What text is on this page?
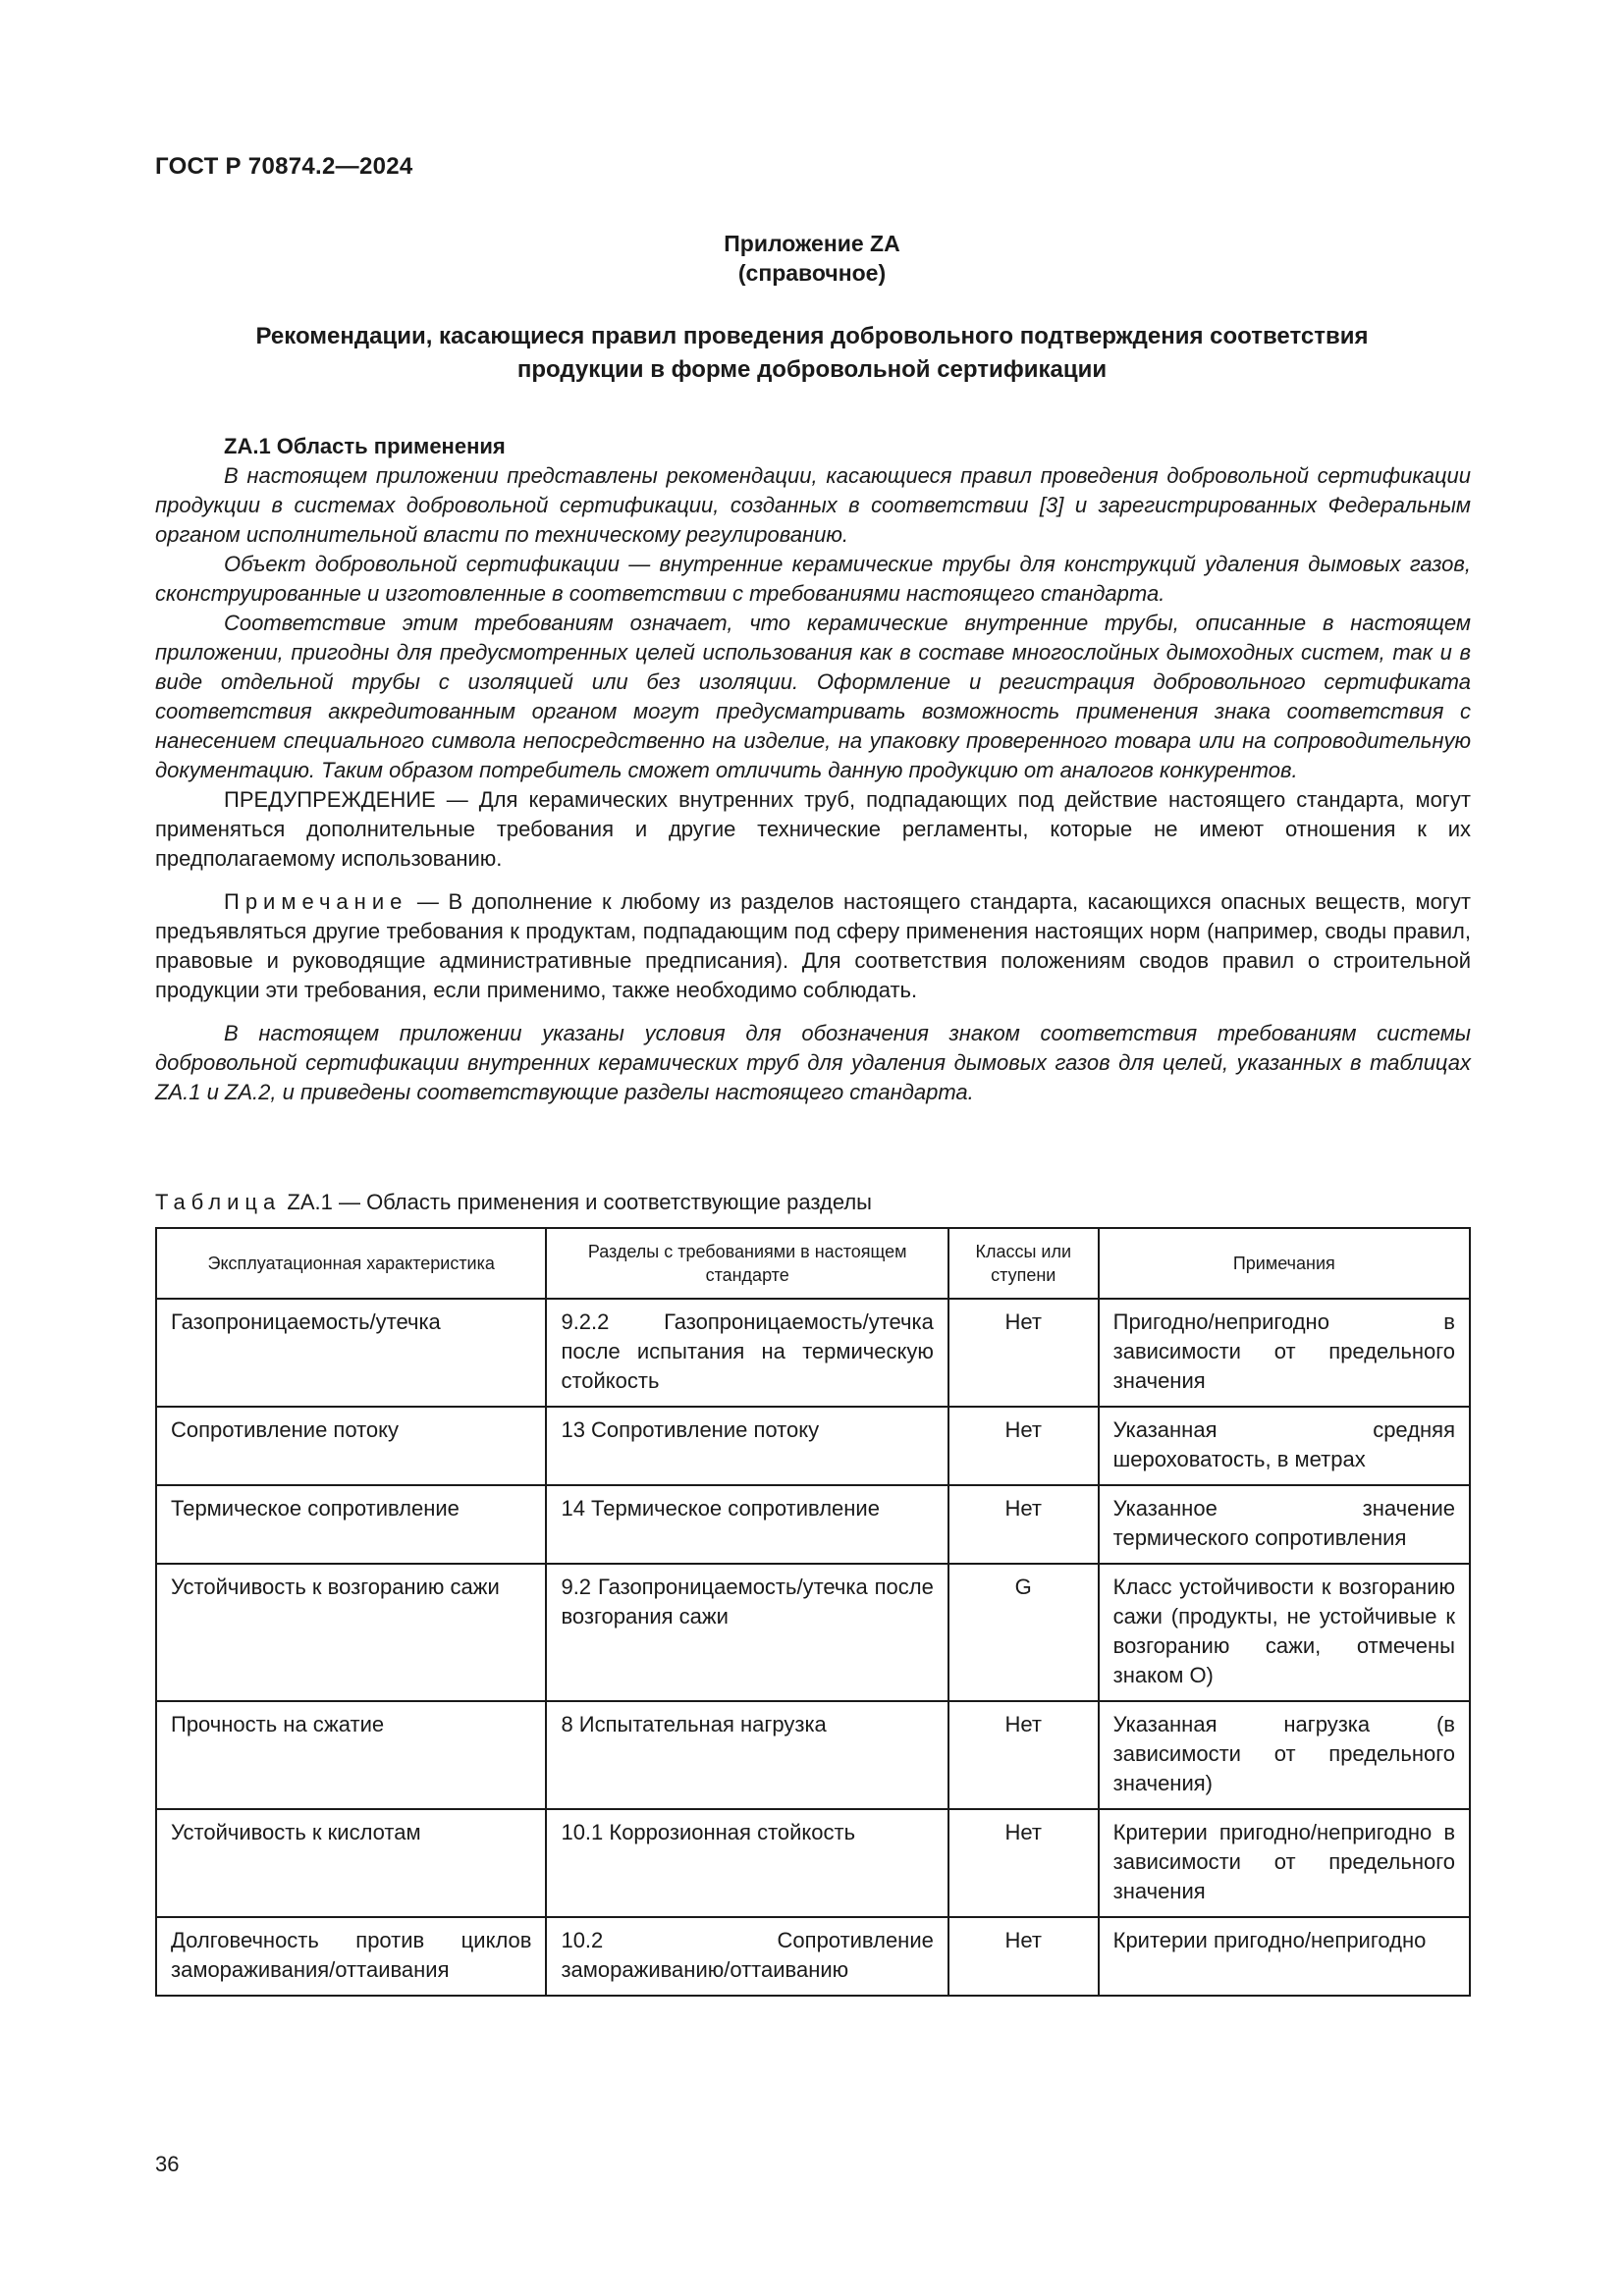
ГОСТ Р 70874.2—2024
Приложение ZA
(справочное)
Рекомендации, касающиеся правил проведения добровольного подтверждения соответствия продукции в форме добровольной сертификации

ZA.1 Область применения

В настоящем приложении представлены рекомендации, касающиеся правил проведения добровольной сертификации продукции в системах добровольной сертификации, созданных в соответствии [3] и зарегистрированных Федеральным органом исполнительной власти по техническому регулированию.

Объект добровольной сертификации — внутренние керамические трубы для конструкций удаления дымовых газов, сконструированные и изготовленные в соответствии с требованиями настоящего стандарта.

Соответствие этим требованиям означает, что керамические внутренние трубы, описанные в настоящем приложении, пригодны для предусмотренных целей использования как в составе многослойных дымоходных систем, так и в виде отдельной трубы с изоляцией или без изоляции. Оформление и регистрация добровольного сертификата соответствия аккредитованным органом могут предусматривать возможность применения знака соответствия с нанесением специального символа непосредственно на изделие, на упаковку проверенного товара или на сопроводительную документацию. Таким образом потребитель сможет отличить данную продукцию от аналогов конкурентов.

ПРЕДУПРЕЖДЕНИЕ — Для керамических внутренних труб, подпадающих под действие настоящего стандарта, могут применяться дополнительные требования и другие технические регламенты, которые не имеют отношения к их предполагаемому использованию.

Примечание — В дополнение к любому из разделов настоящего стандарта, касающихся опасных веществ, могут предъявляться другие требования к продуктам, подпадающим под сферу применения настоящих норм (например, своды правил, правовые и руководящие административные предписания). Для соответствия положениям сводов правил о строительной продукции эти требования, если применимо, также необходимо соблюдать.

В настоящем приложении указаны условия для обозначения знаком соответствия требованиям системы добровольной сертификации внутренних керамических труб для удаления дымовых газов для целей, указанных в таблицах ZA.1 и ZA.2, и приведены соответствующие разделы настоящего стандарта.

Таблица ZA.1 — Область применения и соответствующие разделы
Эксплуатационная характеристика	Разделы с требованиями в настоящем стандарте	Классы или ступени	Примечания
Газопроницаемость/утечка	9.2.2 Газопроницаемость/утечка после испытания на термическую стойкость	Нет	Пригодно/непригодно в зависимости от предельного значения
Сопротивление потоку	13 Сопротивление потоку	Нет	Указанная средняя шероховатость, в метрах
Термическое сопротивление	14 Термическое сопротивление	Нет	Указанное значение термического сопротивления
Устойчивость к возгоранию сажи	9.2 Газопроницаемость/утечка после возгорания сажи	G	Класс устойчивости к возгоранию сажи (продукты, не устойчивые к возгоранию сажи, отмечены знаком O)
Прочность на сжатие	8 Испытательная нагрузка	Нет	Указанная нагрузка (в зависимости от предельного значения)
Устойчивость к кислотам	10.1 Коррозионная стойкость	Нет	Критерии пригодно/непригодно в зависимости от предельного значения
Долговечность против циклов замораживания/оттаивания	10.2 Сопротивление замораживанию/оттаиванию	Нет	Критерии пригодно/непригодно
36
